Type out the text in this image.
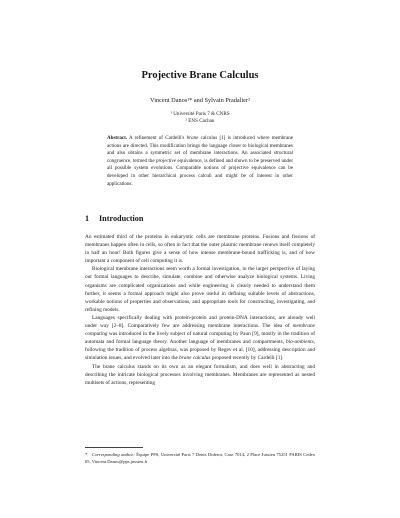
Projective Brane Calculus
Vincent Danos¹* and Sylvain Pradalier²
¹ Université Paris 7 & CNRS
² ENS Cachan
Abstract. A refinement of Cardelli's brane calculus [1] is introduced where membrane actions are directed. This modification brings the language closer to biological membranes and also obtains a symmetric set of membrane interactions. An associated structural congruence, termed the projective equivalence, is defined and shown to be preserved under all possible system evolutions. Comparable notions of projective equivalence can be developed in other hierarchical process calculi and might be of interest in other applications.
1 Introduction

An estimated third of the proteins in eukaryotic cells are membrane proteins. Fusions and fissions of membranes happen often in cells, so often in fact that the outer plasmic membrane renews itself completely in half an hour! Both figures give a sense of how intense membrane-bound trafficking is, and of how important a component of cell computing it is.

Biological membrane interactions seem worth a formal investigation, in the larger perspective of laying out formal languages to describe, simulate, combine and otherwise analyze biological systems. Living organisms are complicated organizations and while engineering is clearly needed to understand them further, it seems a formal approach might also prove useful in defining suitable levels of abstractions, workable notions of properties and observations, and appropriate tools for constructing, investigating, and refining models.

Languages specifically dealing with protein-protein and protein-DNA interactions, are already well under way [2–8]. Comparatively few are addressing membrane interactions. The idea of membrane computing was introduced in the lively subject of natural computing by Paun [9], mostly in the tradition of automata and formal language theory. Another language of membranes and compartments, bio-ambients, following the tradition of process algebras, was proposed by Regev et al. [10], addressing description and simulation issues, and evolved later into the brane calculus proposed recently by Cardelli [1].

The brane calculus stands on its own as an elegant formalism, and does well in abstracting and describing the intricate biological processes involving membranes. Membranes are represented as nested multisets of actions, representing

* Corresponding author: Équipe PPS, Université Paris 7 Denis Diderot, Case 7014, 2 Place Jussieu 75251 PARIS Cedex 05, Vincent.Danos@pps.jussieu.fr
